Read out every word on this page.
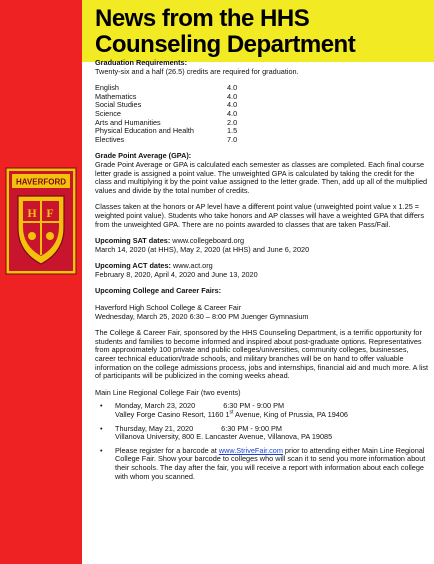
News from the HHS
Counseling Department
HAVERFORD
H F

Graduation Requirements:

Twenty-six and a half (26.5) credits are required for graduation.

English	4.0
Mathematics	4.0
Social Studies	4.0
Science	4.0
Arts and Humanities	2.0
Physical Education and Health	1.5
Electives	7.0

Grade Point Average (GPA):

Grade Point Average or GPA is calculated each semester as classes are completed. Each final course letter grade is assigned a point value. The unweighted GPA is calculated by taking the credit for the class and multiplying it by the point value assigned to the letter grade. Then, add up all of the multiplied values and divide by the total number of credits.

Classes taken at the honors or AP level have a different point value (unweighted point value x 1.25 = weighted point value). Students who take honors and AP classes will have a weighted GPA that differs from the unweighted GPA. There are no points awarded to classes that are taken Pass/Fail.

Upcoming SAT dates: www.collegeboard.org

March 14, 2020 (at HHS), May 2, 2020 (at HHS) and June 6, 2020

Upcoming ACT dates: www.act.org

February 8, 2020, April 4, 2020 and June 13, 2020

Upcoming College and Career Fairs:

Haverford High School College & Career Fair

Wednesday, March 25, 2020 6:30 – 8:00 PM Juenger Gymnasium

The College & Career Fair, sponsored by the HHS Counseling Department, is a terrific opportunity for students and families to become informed and inspired about post-graduate options. Representatives from approximately 100 private and public colleges/universities, community colleges, businesses, career technical education/trade schools, and military branches will be on hand to offer valuable information on the college admissions process, jobs and internships, financial aid and much more. A list of participants will be publicized in the coming weeks ahead.

Main Line Regional College Fair (two events)

• Monday, March 23, 2020	6:30 PM - 9:00 PM
Valley Forge Casino Resort, 1160 1st Avenue, King of Prussia, PA 19406
• Thursday, May 21, 2020	6:30 PM - 9:00 PM
Villanova University, 800 E. Lancaster Avenue, Villanova, PA 19085
• Please register for a barcode at www.StriveFair.com prior to attending either Main Line Regional College Fair. Show your barcode to colleges who will scan it to send you more information about their schools. The day after the fair, you will receive a report with information about each college with whom you scanned.
